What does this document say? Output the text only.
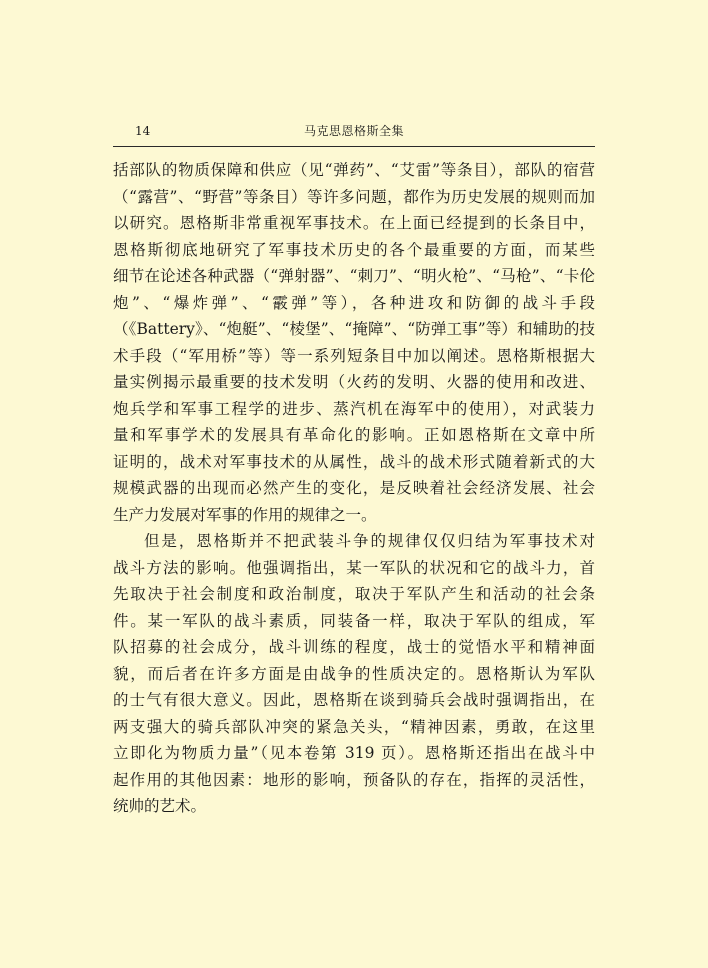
14	马克思恩格斯全集

括部队的物质保障和供应（见“弹药”、“艾雷”等条目），部队的宿营

（“露营”、“野营”等条目）等许多问题，都作为历史发展的规则而加

以研究。恩格斯非常重视军事技术。在上面已经提到的长条目中，

恩格斯彻底地研究了军事技术历史的各个最重要的方面，而某些

细节在论述各种武器（“弹射器”、“刺刀”、“明火枪”、“马枪”、“卡伦

炮”、“爆炸弹”、“霰弹”等），各种进攻和防御的战斗手段

（《Battery》、“炮艇”、“棱堡”、“掩障”、“防弹工事”等）和辅助的技

术手段（“军用桥”等）等一系列短条目中加以阐述。恩格斯根据大

量实例揭示最重要的技术发明（火药的发明、火器的使用和改进、

炮兵学和军事工程学的进步、蒸汽机在海军中的使用），对武装力

量和军事学术的发展具有革命化的影响。正如恩格斯在文章中所

证明的，战术对军事技术的从属性，战斗的战术形式随着新式的大

规模武器的出现而必然产生的变化，是反映着社会经济发展、社会

生产力发展对军事的作用的规律之一。

但是，恩格斯并不把武装斗争的规律仅仅归结为军事技术对

战斗方法的影响。他强调指出，某一军队的状况和它的战斗力，首

先取决于社会制度和政治制度，取决于军队产生和活动的社会条

件。某一军队的战斗素质，同装备一样，取决于军队的组成，军

队招募的社会成分，战斗训练的程度，战士的觉悟水平和精神面

貌，而后者在许多方面是由战争的性质决定的。恩格斯认为军队

的士气有很大意义。因此，恩格斯在谈到骑兵会战时强调指出，在

两支强大的骑兵部队冲突的紧急关头，“精神因素，勇敢，在这里

立即化为物质力量”（见本卷第 319 页）。恩格斯还指出在战斗中

起作用的其他因素：地形的影响，预备队的存在，指挥的灵活性，

统帅的艺术。
